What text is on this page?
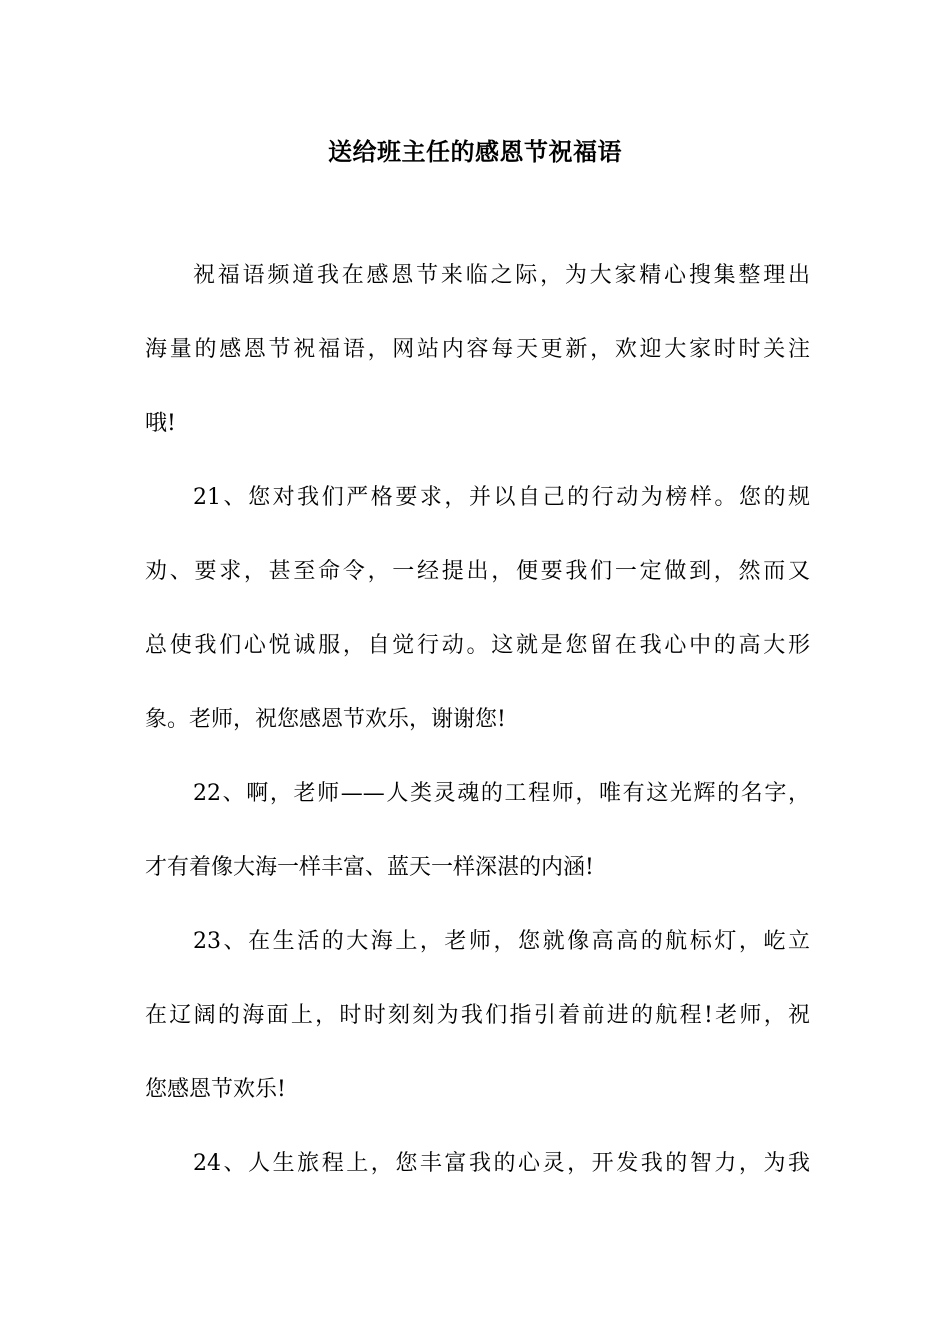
送给班主任的感恩节祝福语
祝福语频道我在感恩节来临之际，为大家精心搜集整理出
海量的感恩节祝福语，网站内容每天更新，欢迎大家时时关注
哦!
21、您对我们严格要求，并以自己的行动为榜样。您的规
劝、要求，甚至命令，一经提出，便要我们一定做到，然而又
总使我们心悦诚服，自觉行动。这就是您留在我心中的高大形
象。老师，祝您感恩节欢乐，谢谢您!
22、啊，老师——人类灵魂的工程师，唯有这光辉的名字，
才有着像大海一样丰富、蓝天一样深湛的内涵!
23、在生活的大海上，老师，您就像高高的航标灯，屹立
在辽阔的海面上，时时刻刻为我们指引着前进的航程!老师，祝
您感恩节欢乐!
24、人生旅程上，您丰富我的心灵，开发我的智力，为我
